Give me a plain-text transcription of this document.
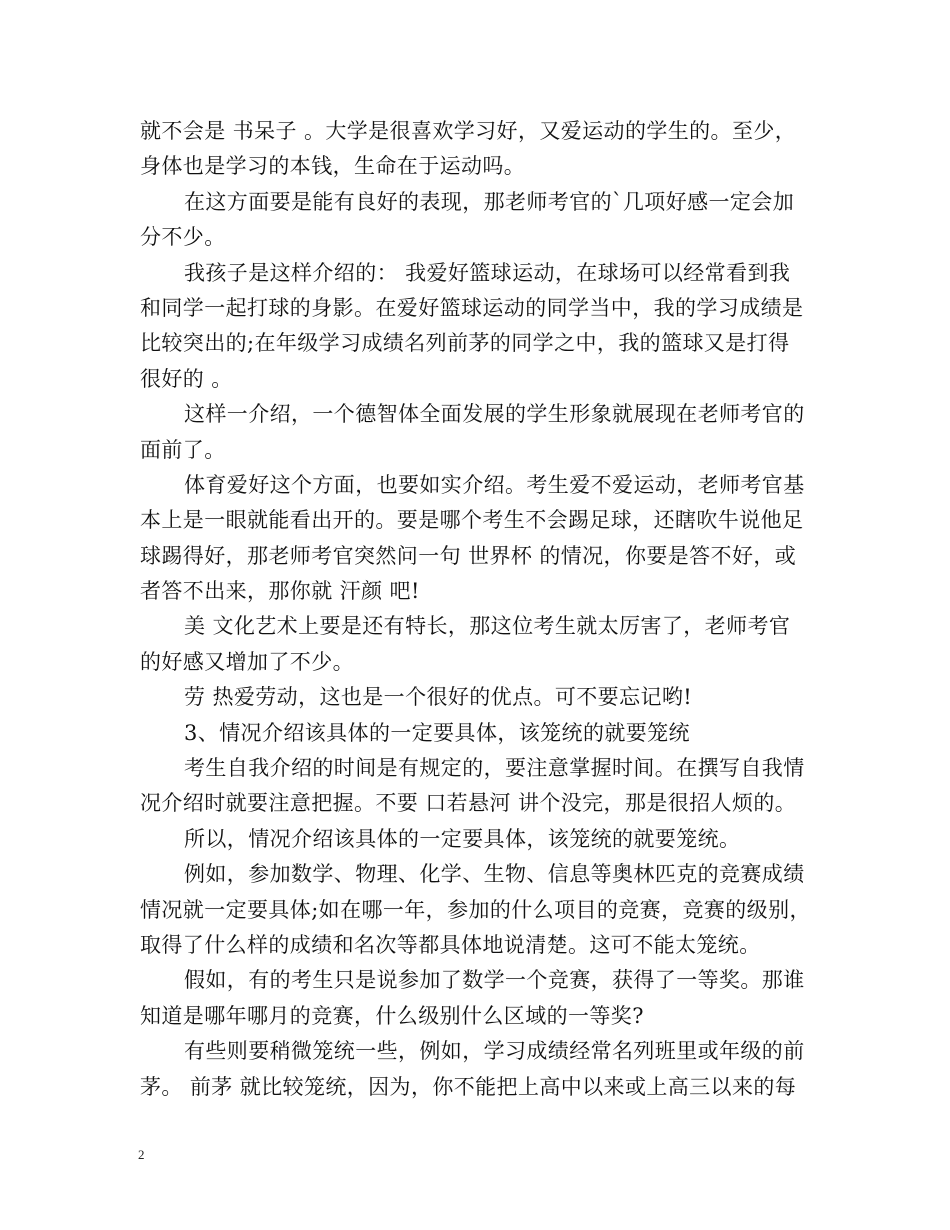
就不会是 书呆子 。大学是很喜欢学习好，又爱运动的学生的。至少，
身体也是学习的本钱，生命在于运动吗。
在这方面要是能有良好的表现，那老师考官的`几项好感一定会加
分不少。
我孩子是这样介绍的： 我爱好篮球运动，在球场可以经常看到我
和同学一起打球的身影。在爱好篮球运动的同学当中，我的学习成绩是
比较突出的;在年级学习成绩名列前茅的同学之中，我的篮球又是打得
很好的 。
这样一介绍，一个德智体全面发展的学生形象就展现在老师考官的
面前了。
体育爱好这个方面，也要如实介绍。考生爱不爱运动，老师考官基
本上是一眼就能看出开的。要是哪个考生不会踢足球，还瞎吹牛说他足
球踢得好，那老师考官突然问一句 世界杯 的情况，你要是答不好，或
者答不出来，那你就 汗颜 吧!
美 文化艺术上要是还有特长，那这位考生就太厉害了，老师考官
的好感又增加了不少。
劳 热爱劳动，这也是一个很好的优点。可不要忘记哟!
3、情况介绍该具体的一定要具体，该笼统的就要笼统
考生自我介绍的时间是有规定的，要注意掌握时间。在撰写自我情
况介绍时就要注意把握。不要 口若悬河 讲个没完，那是很招人烦的。
所以，情况介绍该具体的一定要具体，该笼统的就要笼统。
例如，参加数学、物理、化学、生物、信息等奥林匹克的竞赛成绩
情况就一定要具体;如在哪一年，参加的什么项目的竞赛，竞赛的级别，
取得了什么样的成绩和名次等都具体地说清楚。这可不能太笼统。
假如，有的考生只是说参加了数学一个竞赛，获得了一等奖。那谁
知道是哪年哪月的竞赛，什么级别什么区域的一等奖?
有些则要稍微笼统一些，例如，学习成绩经常名列班里或年级的前
茅。 前茅 就比较笼统，因为，你不能把上高中以来或上高三以来的每
2
